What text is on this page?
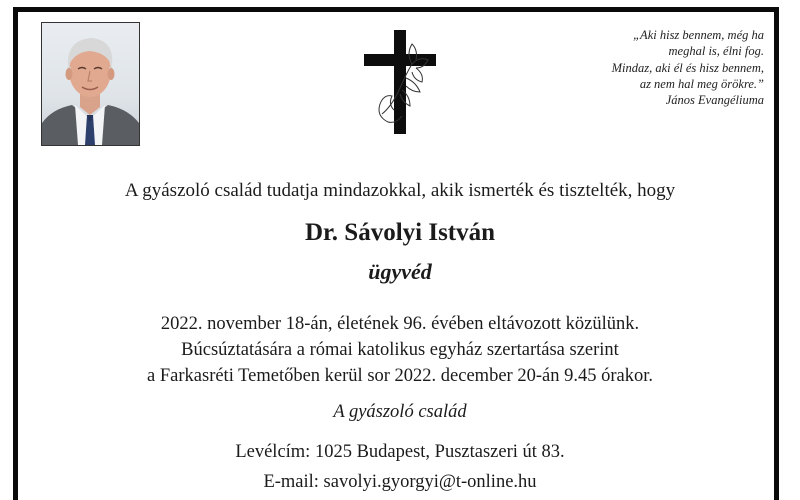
„Aki hisz bennem, még ha
meghal is, élni fog.
Mindaz, aki él és hisz bennem,
az nem hal meg örökre.”
János Evangéliuma
A gyászoló család tudatja mindazokkal, akik ismerték és tisztelték, hogy
Dr. Sávolyi István
ügyvéd
2022. november 18-án, életének 96. évében eltávozott közülünk.
Búcsúztatására a római katolikus egyház szertartása szerint
a Farkasréti Temetőben kerül sor 2022. december 20-án 9.45 órakor.
A gyászoló család
Levélcím: 1025 Budapest, Pusztaszeri út 83.
E-mail: savolyi.gyorgyi@t-online.hu
